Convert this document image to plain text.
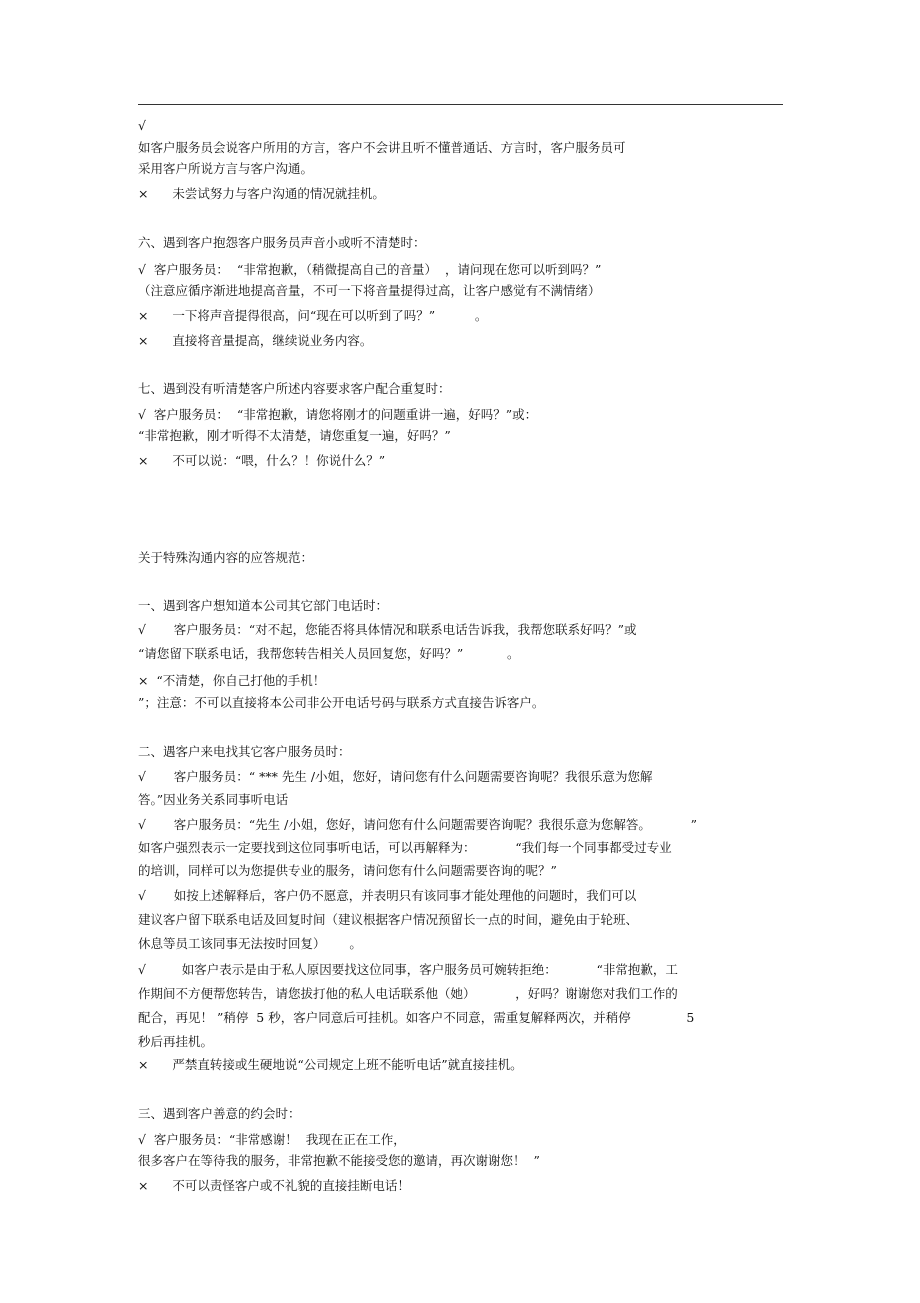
√

如客户服务员会说客户所用的方言，客户不会讲且听不懂普通话、方言时，客户服务员可

采用客户所说方言与客户沟通。

×      未尝试努力与客户沟通的情况就挂机。

六、遇到客户抱怨客户服务员声音小或听不清楚时：

√  客户服务员：  “非常抱歉，（稍微提高自己的音量）  ，请问现在您可以听到吗？”

（注意应循序渐进地提高音量，不可一下将音量提得过高，让客户感觉有不满情绪）

×      一下将声音提得很高，问“现在可以听到了吗？”          。

×      直接将音量提高，继续说业务内容。

七、遇到没有听清楚客户所述内容要求客户配合重复时：

√  客户服务员：  “非常抱歉，请您将刚才的问题重讲一遍，好吗？”或：

“非常抱歉，刚才听得不太清楚，请您重复一遍，好吗？”

×      不可以说：“喂，什么？！你说什么？”

关于特殊沟通内容的应答规范：

一、遇到客户想知道本公司其它部门电话时：

√       客户服务员：“对不起，您能否将具体情况和联系电话告诉我，我帮您联系好吗？”或

“请您留下联系电话，我帮您转告相关人员回复您，好吗？”           。

×  “不清楚，你自己打他的手机！

”；注意：不可以直接将本公司非公开电话号码与联系方式直接告诉客户。

二、遇客户来电找其它客户服务员时：

√       客户服务员：“ *** 先生 /小姐，您好，请问您有什么问题需要咨询呢？我很乐意为您解

答。”因业务关系同事听电话

√       客户服务员：“先生 /小姐，您好，请问您有什么问题需要咨询呢？我很乐意为您解答。          ”

如客户强烈表示一定要找到这位同事听电话，可以再解释为：          “我们每一个同事都受过专业

的培训，同样可以为您提供专业的服务，请问您有什么问题需要咨询的呢？”

√       如按上述解释后，客户仍不愿意，并表明只有该同事才能处理他的问题时，我们可以

建议客户留下联系电话及回复时间（建议根据客户情况预留长一点的时间，避免由于轮班、

休息等员工该同事无法按时回复）      。

√         如客户表示是由于私人原因要找这位同事，客户服务员可婉转拒绝：          “非常抱歉，工

作期间不方便帮您转告，请您拔打他的私人电话联系他（她）          ，好吗？谢谢您对我们工作的

配合，再见！ ”稍停  5 秒，客户同意后可挂机。如客户不同意，需重复解释两次，并稍停              5

秒后再挂机。

×      严禁直转接或生硬地说“公司规定上班不能听电话”就直接挂机。

三、遇到客户善意的约会时：

√  客户服务员：“非常感谢！  我现在正在工作，

很多客户在等待我的服务，非常抱歉不能接受您的邀请，再次谢谢您！  ”

×      不可以责怪客户或不礼貌的直接挂断电话！
